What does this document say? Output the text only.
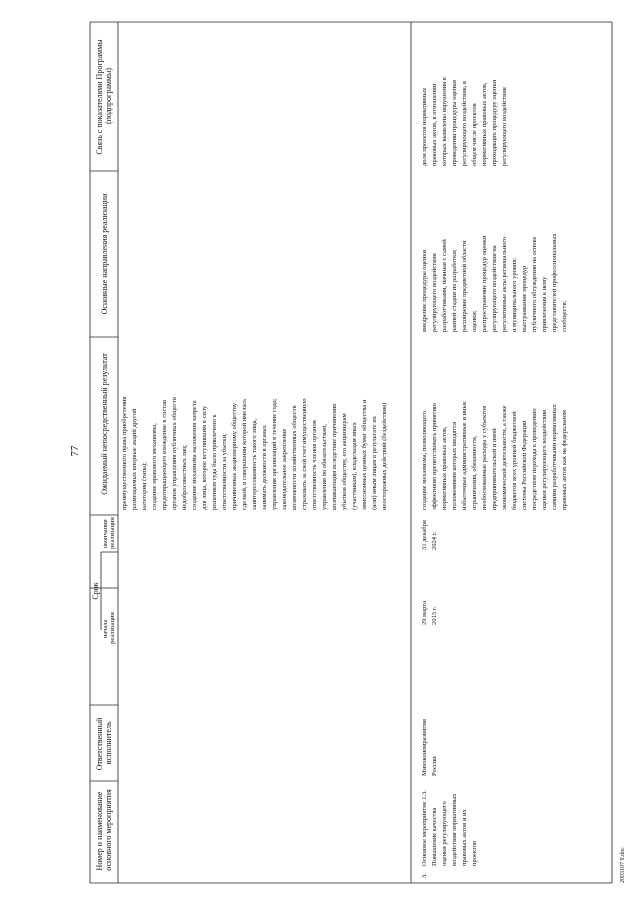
77
Номер и наименование основного мероприятия
Ответственный исполнитель
Срок
начала реализации
окончания реализации
Ожидаемый непосредственный результат
Основные направления реализации
Связь с показателями Программы (подпрограммы)
преимущественного права приобретения размещаемых впервые акций другой категории (типа); создание правового механизма, предотвращающего вхождение в состав органов управления публичных обществ недобросовестных лиц; создание механизма наложения запрета для лица, которое вступившим в силу решением суда было привлечено к ответственности за убытки, причиненные акционерному обществу сделкой, в совершении которой имелась заинтересованность такого лица, занимать должности в органах управления организаций в течение года; законодательное закрепление возможности хозяйственных обществ страховать за свой счет имущественную ответственность членов органов управления по обязательствам, возникающим вследствие причинения убытков обществу, его акционерам (участникам), владельцам иных эмиссионных ценных бумаг общества и (или) иным лицам в результате их неосторожных действий (бездействия)
3.
Основное мероприятие 1.3. Повышение качества оценки регулирующего воздействия нормативных правовых актов и их проектов
Минэкономразвития России
29 марта 2013 г.
31 декабря 2024 г.
создание механизма, позволяющего эффективно препятствовать принятию нормативных правовых актов, положениями которых вводятся избыточные административные и иные ограничения, обязанности, необоснованные расходы у субъектов предпринимательской и иной экономической деятельности, а также бюджетов всех уровней бюджетной системы Российской Федерации посредством перехода к проведению оценки регулирующего воздействия самими разработчиками нормативных правовых актов как на федеральном
внедрение процедуры оценки регулирующего воздействия разработчиками, начиная с самой ранней стадии их разработки; расширение предметной области оценки; распространение процедур оценки регулирующего воздействия на регулятивные акты регионального и муниципального уровня; выстраивание процедур публичного обсуждения на основе привлечения к нему представителей профессиональных сообществ;
доля проектов нормативных правовых актов, в отношении которых выявлены нарушения в проведении процедуры оценки регулирующего воздействия, в общем числе проектов нормативных правовых актов, проходящих процедуру оценки регулирующего воздействия
2003107 9.doc
